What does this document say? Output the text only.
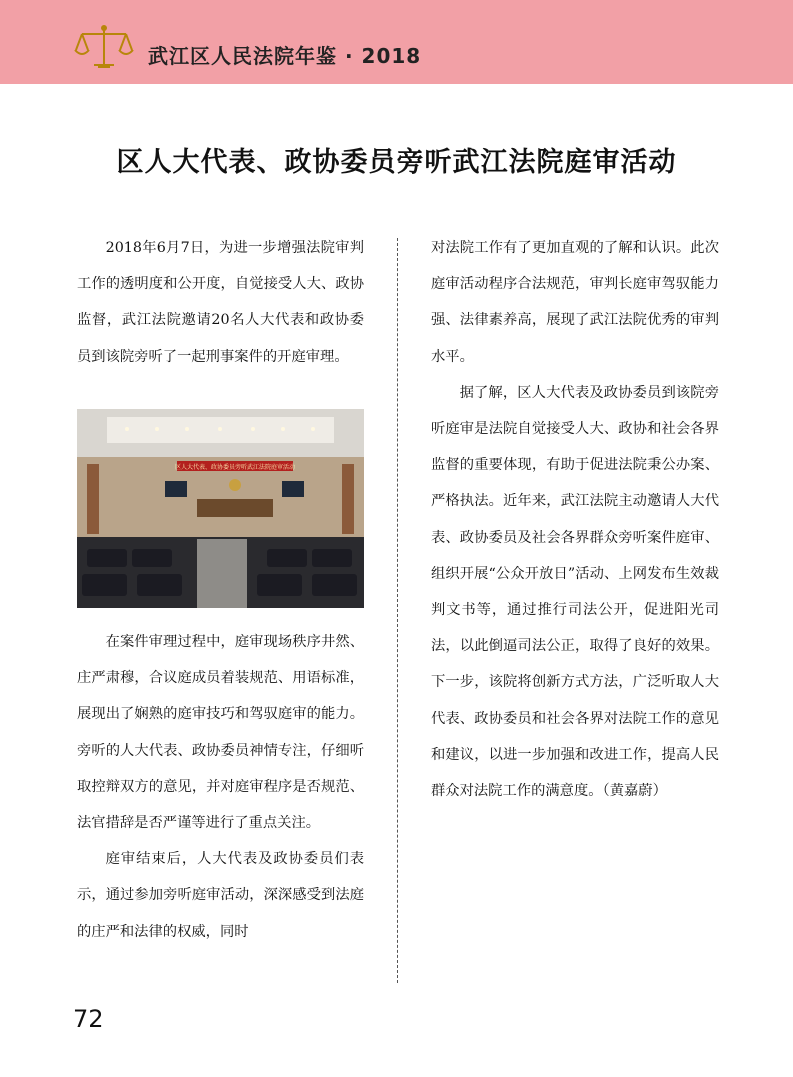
武江区人民法院年鉴 · 2018
区人大代表、政协委员旁听武江法院庭审活动

2018年6月7日，为进一步增强法院审判工作的透明度和公开度，自觉接受人大、政协监督，武江法院邀请20名人大代表和政协委员到该院旁听了一起刑事案件的开庭审理。

区人大代表、政协委员旁听武江法院庭审活动

在案件审理过程中，庭审现场秩序井然、庄严肃穆，合议庭成员着装规范、用语标准，展现出了娴熟的庭审技巧和驾驭庭审的能力。旁听的人大代表、政协委员神情专注，仔细听取控辩双方的意见，并对庭审程序是否规范、法官措辞是否严谨等进行了重点关注。

庭审结束后，人大代表及政协委员们表示，通过参加旁听庭审活动，深深感受到法庭的庄严和法律的权威，同时

对法院工作有了更加直观的了解和认识。此次庭审活动程序合法规范，审判长庭审驾驭能力强、法律素养高，展现了武江法院优秀的审判水平。

据了解，区人大代表及政协委员到该院旁听庭审是法院自觉接受人大、政协和社会各界监督的重要体现，有助于促进法院秉公办案、严格执法。近年来，武江法院主动邀请人大代表、政协委员及社会各界群众旁听案件庭审、组织开展“公众开放日”活动、上网发布生效裁判文书等，通过推行司法公开，促进阳光司法，以此倒逼司法公正，取得了良好的效果。下一步，该院将创新方式方法，广泛听取人大代表、政协委员和社会各界对法院工作的意见和建议，以进一步加强和改进工作，提高人民群众对法院工作的满意度。（黄嘉蔚）

72
